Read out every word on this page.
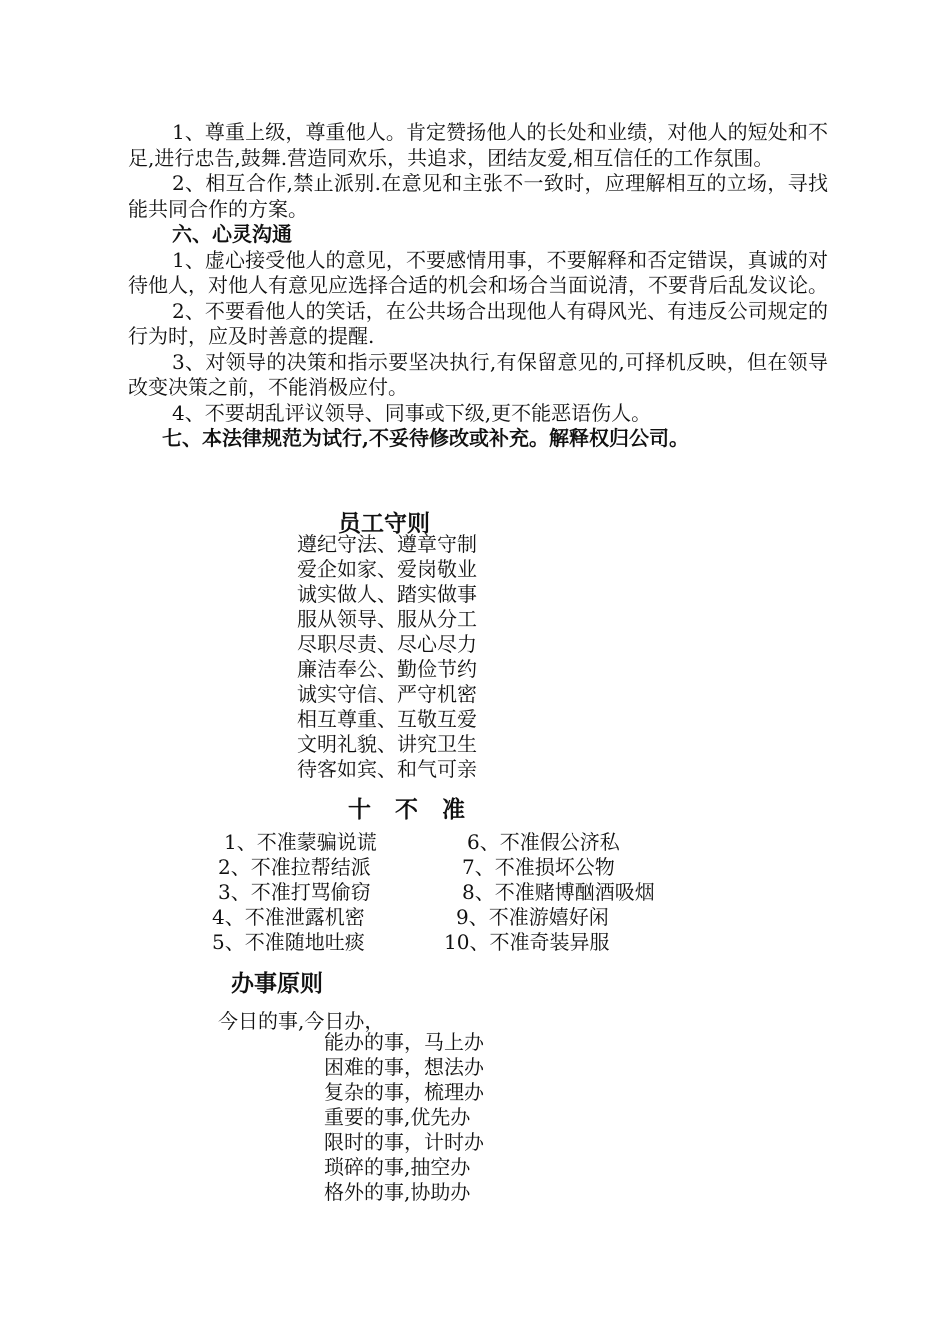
1、尊重上级，尊重他人。肯定赞扬他人的长处和业绩，对他人的短处和不足,进行忠告,鼓舞.营造同欢乐，共追求，团结友爱,相互信任的工作氛围。

2、相互合作,禁止派别.在意见和主张不一致时，应理解相互的立场，寻找能共同合作的方案。

六、心灵沟通

1、虚心接受他人的意见，不要感情用事，不要解释和否定错误，真诚的对待他人，对他人有意见应选择合适的机会和场合当面说清，不要背后乱发议论。

2、不要看他人的笑话，在公共场合出现他人有碍风光、有违反公司规定的行为时，应及时善意的提醒.

3、对领导的决策和指示要坚决执行,有保留意见的,可择机反映，但在领导改变决策之前，不能消极应付。

4、不要胡乱评议领导、同事或下级,更不能恶语伤人。

七、本法律规范为试行,不妥待修改或补充。解释权归公司。

员工守则
遵纪守法、遵章守制
爱企如家、爱岗敬业
诚实做人、踏实做事
服从领导、服从分工
尽职尽责、尽心尽力
廉洁奉公、勤俭节约
诚实守信、严守机密
相互尊重、互敬互爱
文明礼貌、讲究卫生
待客如宾、和气可亲
十 不 准
1、不准蒙骗说谎
2、不准拉帮结派
3、不准打骂偷窃
4、不准泄露机密
5、不准随地吐痰
6、不准假公济私
7、不准损坏公物
8、不准赌博酗酒吸烟
9、不准游嬉好闲
10、不准奇装异服
办事原则
今日的事,今日办，
能办的事，马上办
困难的事，想法办
复杂的事，梳理办
重要的事,优先办
限时的事，计时办
琐碎的事,抽空办
格外的事,协助办
